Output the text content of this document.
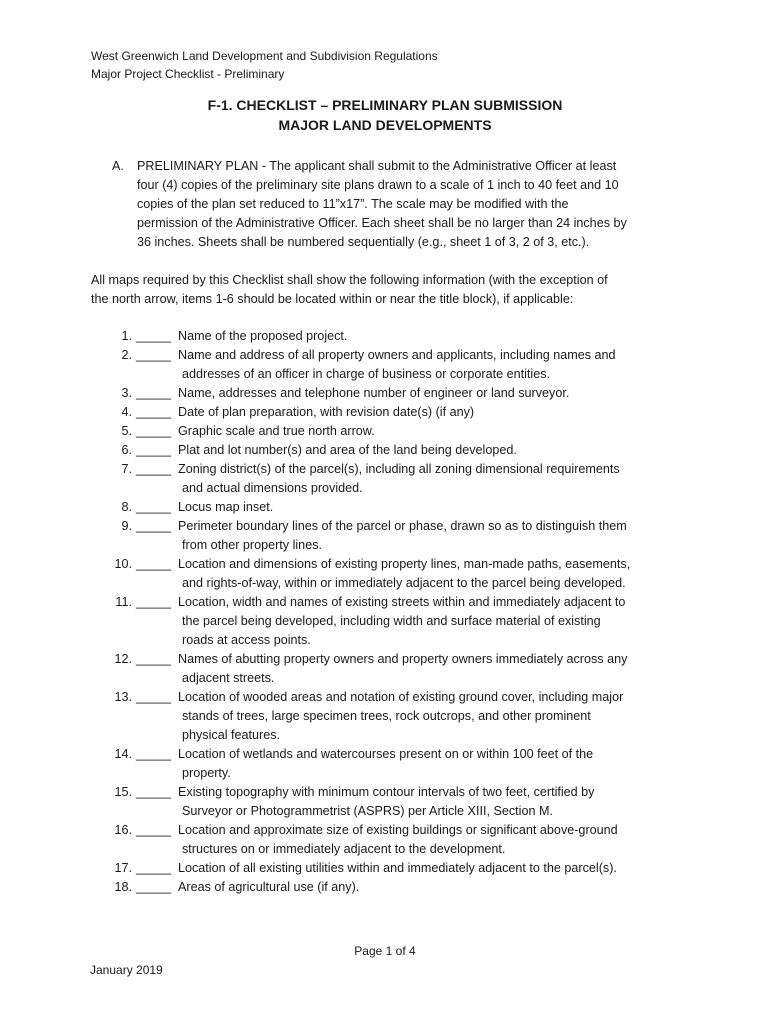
West Greenwich Land Development and Subdivision Regulations
Major Project Checklist - Preliminary
F-1. CHECKLIST – PRELIMINARY PLAN SUBMISSION
MAJOR LAND DEVELOPMENTS
A. PRELIMINARY PLAN - The applicant shall submit to the Administrative Officer at least
four (4) copies of the preliminary site plans drawn to a scale of 1 inch to 40 feet and 10
copies of the plan set reduced to 11”x17”. The scale may be modified with the
permission of the Administrative Officer. Each sheet shall be no larger than 24 inches by
36 inches. Sheets shall be numbered sequentially (e.g., sheet 1 of 3, 2 of 3, etc.).
All maps required by this Checklist shall show the following information (with the exception of
the north arrow, items 1-6 should be located within or near the title block), if applicable:
1. _____ Name of the proposed project.
2. _____ Name and address of all property owners and applicants, including names and
addresses of an officer in charge of business or corporate entities.
3. _____ Name, addresses and telephone number of engineer or land surveyor.
4. _____ Date of plan preparation, with revision date(s) (if any)
5. _____ Graphic scale and true north arrow.
6. _____ Plat and lot number(s) and area of the land being developed.
7. _____ Zoning district(s) of the parcel(s), including all zoning dimensional requirements
and actual dimensions provided.
8. _____ Locus map inset.
9. _____ Perimeter boundary lines of the parcel or phase, drawn so as to distinguish them
from other property lines.
10. _____ Location and dimensions of existing property lines, man-made paths, easements,
and rights-of-way, within or immediately adjacent to the parcel being developed.
11. _____ Location, width and names of existing streets within and immediately adjacent to
the parcel being developed, including width and surface material of existing
roads at access points.
12. _____ Names of abutting property owners and property owners immediately across any
adjacent streets.
13. _____ Location of wooded areas and notation of existing ground cover, including major
stands of trees, large specimen trees, rock outcrops, and other prominent
physical features.
14. _____ Location of wetlands and watercourses present on or within 100 feet of the
property.
15. _____ Existing topography with minimum contour intervals of two feet, certified by
Surveyor or Photogrammetrist (ASPRS) per Article XIII, Section M.
16. _____ Location and approximate size of existing buildings or significant above-ground
structures on or immediately adjacent to the development.
17. _____ Location of all existing utilities within and immediately adjacent to the parcel(s).
18. _____ Areas of agricultural use (if any).
Page 1 of 4
January 2019
